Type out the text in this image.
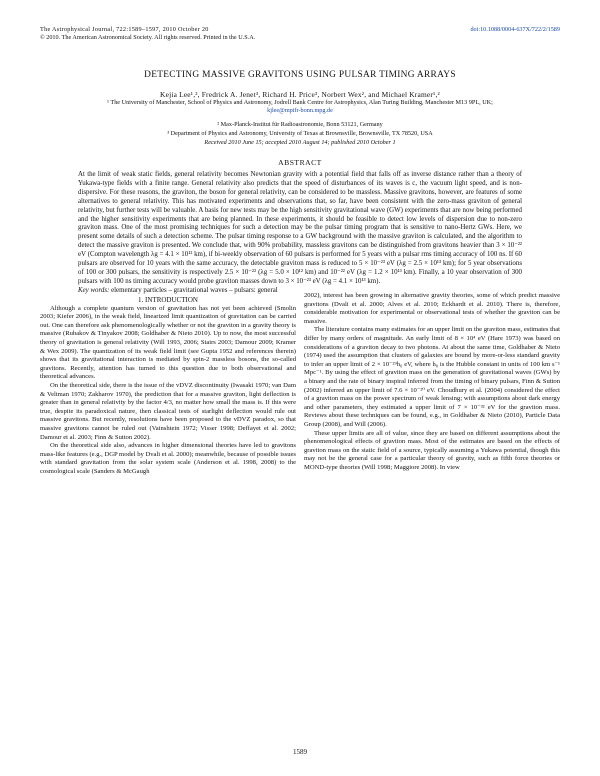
The Astrophysical Journal, 722:1589–1597, 2010 October 20
© 2010. The American Astronomical Society. All rights reserved. Printed in the U.S.A.
doi:10.1088/0004-637X/722/2/1589
DETECTING MASSIVE GRAVITONS USING PULSAR TIMING ARRAYS
Kejia Lee¹,², Fredrick A. Jenet³, Richard H. Price³, Norbert Wex², and Michael Kramer¹,²
¹ The University of Manchester, School of Physics and Astronomy, Jodrell Bank Centre for Astrophysics, Alan Turing Building, Manchester M13 9PL, UK;
kjlee@mpifr-bonn.mpg.de
² Max-Planck-Institut für Radioastronomie, Bonn 53121, Germany
³ Department of Physics and Astronomy, University of Texas at Brownsville, Brownsville, TX 78520, USA
Received 2010 June 15; accepted 2010 August 14; published 2010 October 1
ABSTRACT

At the limit of weak static fields, general relativity becomes Newtonian gravity with a potential field that falls off as inverse distance rather than a theory of Yukawa-type fields with a finite range. General relativity also predicts that the speed of disturbances of its waves is c, the vacuum light speed, and is non-dispersive. For these reasons, the graviton, the boson for general relativity, can be considered to be massless. Massive gravitons, however, are features of some alternatives to general relativity. This has motivated experiments and observations that, so far, have been consistent with the zero-mass graviton of general relativity, but further tests will be valuable. A basis for new tests may be the high sensitivity gravitational wave (GW) experiments that are now being performed and the higher sensitivity experiments that are being planned. In these experiments, it should be feasible to detect low levels of dispersion due to non-zero graviton mass. One of the most promising techniques for such a detection may be the pulsar timing program that is sensitive to nano-Hertz GWs. Here, we present some details of such a detection scheme. The pulsar timing response to a GW background with the massive graviton is calculated, and the algorithm to detect the massive graviton is presented. We conclude that, with 90% probability, massless gravitons can be distinguished from gravitons heavier than 3 × 10⁻²² eV (Compton wavelength λg = 4.1 × 10¹² km), if bi-weekly observation of 60 pulsars is performed for 5 years with a pulsar rms timing accuracy of 100 ns. If 60 pulsars are observed for 10 years with the same accuracy, the detectable graviton mass is reduced to 5 × 10⁻²³ eV (λg = 2.5 × 10¹³ km); for 5 year observations of 100 or 300 pulsars, the sensitivity is respectively 2.5 × 10⁻²² (λg = 5.0 × 10¹² km) and 10⁻²² eV (λg = 1.2 × 10¹³ km). Finally, a 10 year observation of 300 pulsars with 100 ns timing accuracy would probe graviton masses down to 3 × 10⁻²³ eV (λg = 4.1 × 10¹³ km).

Key words: elementary particles – gravitational waves – pulsars: general

1. INTRODUCTION

Although a complete quantum version of gravitation has not yet been achieved (Smolin 2003; Kiefer 2006), in the weak field, linearized limit quantization of gravitation can be carried out. One can therefore ask phenomenologically whether or not the graviton in a gravity theory is massive (Rubakov & Tinyakov 2008; Goldhaber & Nieto 2010). Up to now, the most successful theory of gravitation is general relativity (Will 1993, 2006; Stairs 2003; Damour 2009; Kramer & Wex 2009). The quantization of its weak field limit (see Gupta 1952 and references therein) shows that its gravitational interaction is mediated by spin-2 massless bosons, the so-called gravitons. Recently, attention has turned to this question due to both observational and theoretical advances.

On the theoretical side, there is the issue of the vDVZ discontinuity (Iwasaki 1970; van Dam & Veltman 1970; Zakharov 1970), the prediction that for a massive graviton, light deflection is greater than in general relativity by the factor 4/3, no matter how small the mass is. If this were true, despite its paradoxical nature, then classical tests of starlight deflection would rule out massive gravitons. But recently, resolutions have been proposed to the vDVZ paradox, so that massive gravitons cannot be ruled out (Vainshtein 1972; Visser 1998; Deffayet et al. 2002; Damour et al. 2003; Finn & Sutton 2002).

On the theoretical side also, advances in higher dimensional theories have led to gravitons mass-like features (e.g., DGP model by Dvali et al. 2000); meanwhile, because of possible issues with standard gravitation from the solar system scale (Anderson et al. 1998, 2008) to the cosmological scale (Sanders & McGaugh

2002), interest has been growing in alternative gravity theories, some of which predict massive gravitons (Dvali et al. 2000; Alves et al. 2010; Eckhardt et al. 2010). There is, therefore, considerable motivation for experimental or observational tests of whether the graviton can be massive.

The literature contains many estimates for an upper limit on the graviton mass, estimates that differ by many orders of magnitude. An early limit of 8 × 10⁴ eV (Hare 1973) was based on considerations of a graviton decay to two photons. At about the same time, Goldhaber & Nieto (1974) used the assumption that clusters of galaxies are bound by more-or-less standard gravity to infer an upper limit of 2 × 10⁻²⁹h₀ eV, where h₀ is the Hubble constant in units of 100 km s⁻¹ Mpc⁻¹. By using the effect of graviton mass on the generation of gravitational waves (GWs) by a binary and the rate of binary inspiral inferred from the timing of binary pulsars, Finn & Sutton (2002) inferred an upper limit of 7.6 × 10⁻²⁰ eV. Choudhury et al. (2004) considered the effect of a graviton mass on the power spectrum of weak lensing; with assumptions about dark energy and other parameters, they estimated a upper limit of 7 × 10⁻³² eV for the graviton mass. Reviews about these techniques can be found, e.g., in Goldhaber & Nieto (2010), Particle Data Group (2008), and Will (2006).

These upper limits are all of value, since they are based on different assumptions about the phenomenological effects of graviton mass. Most of the estimates are based on the effects of graviton mass on the static field of a source, typically assuming a Yukawa potential, though this may not be the general case for a particular theory of gravity, such as fifth force theories or MOND-type theories (Will 1998; Maggiore 2008). In view

1589
